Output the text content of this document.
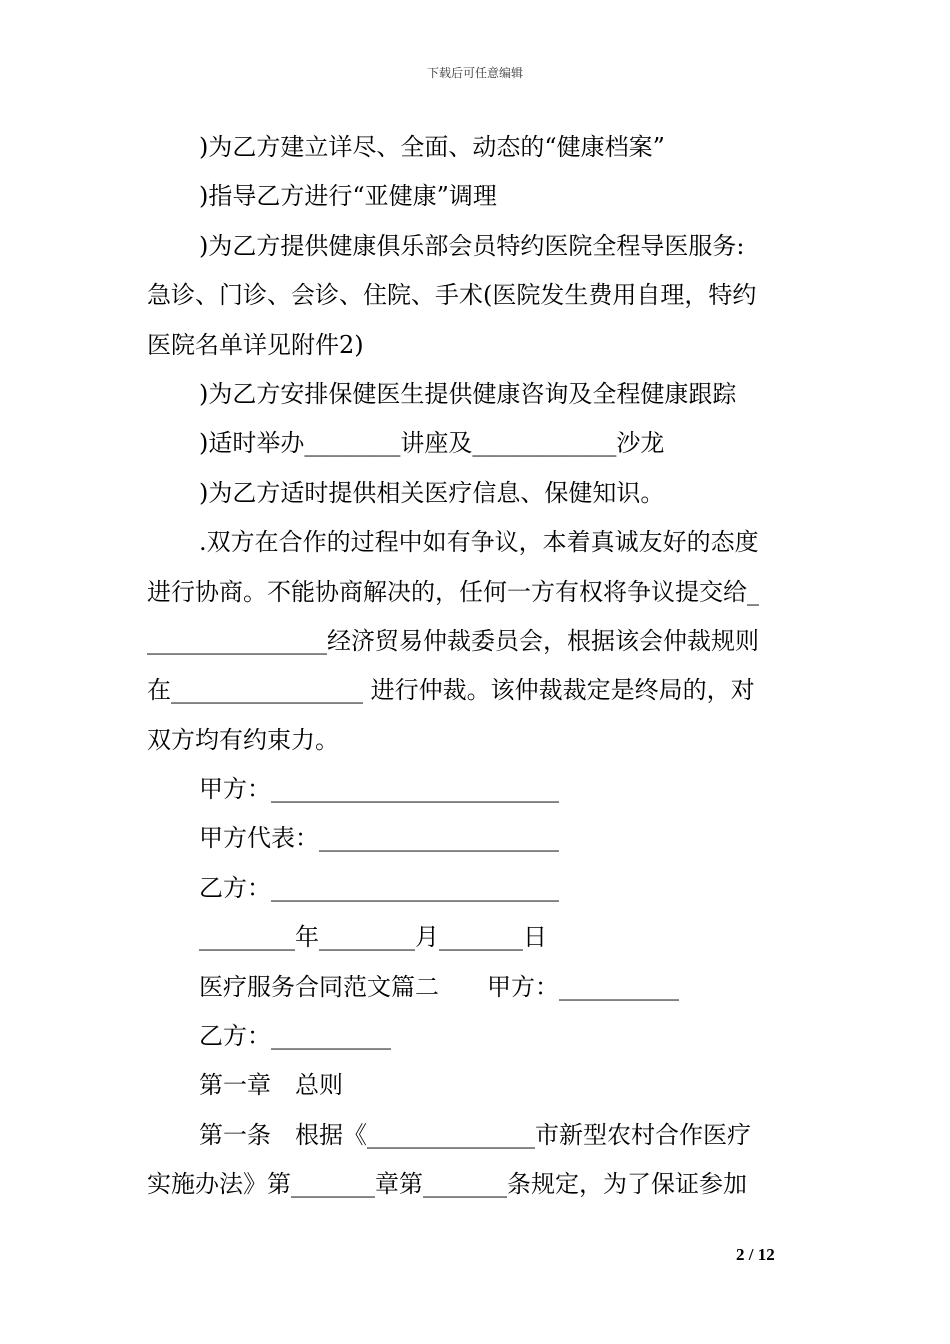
下载后可任意编辑
)为乙方建立详尽、全面、动态的“健康档案”
)指导乙方进行“亚健康”调理
)为乙方提供健康俱乐部会员特约医院全程导医服务:
急诊、门诊、会诊、住院、手术(医院发生费用自理，特约
医院名单详见附件2)
)为乙方安排保健医生提供健康咨询及全程健康跟踪
)适时举办________讲座及____________沙龙
)为乙方适时提供相关医疗信息、保健知识。
.双方在合作的过程中如有争议，本着真诚友好的态度
进行协商。不能协商解决的，任何一方有权将争议提交给_
_______________经济贸易仲裁委员会，根据该会仲裁规则
在________________ 进行仲裁。该仲裁裁定是终局的，对
双方均有约束力。
甲方：________________________
甲方代表：____________________
乙方：________________________
________年________月_______日
医疗服务合同范文篇二　　甲方：__________
乙方：__________
第一章　总则
第一条　根据《______________市新型农村合作医疗
实施办法》第_______章第_______条规定，为了保证参加
2 / 12
